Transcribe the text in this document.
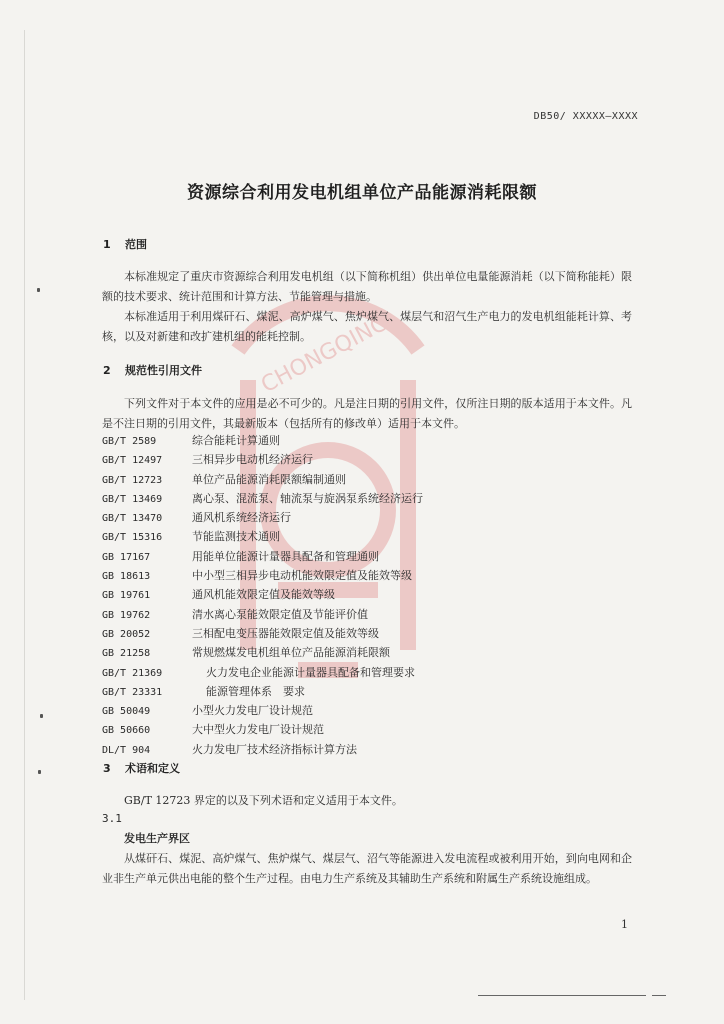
CHONGQING
DB50/ XXXXX—XXXX
资源综合利用发电机组单位产品能源消耗限额
1 范围
本标准规定了重庆市资源综合利用发电机组（以下简称机组）供出单位电量能源消耗（以下简称能耗）限额的技术要求、统计范围和计算方法、节能管理与措施。
本标准适用于利用煤矸石、煤泥、高炉煤气、焦炉煤气、煤层气和沼气生产电力的发电机组能耗计算、考核，以及对新建和改扩建机组的能耗控制。
2 规范性引用文件
下列文件对于本文件的应用是必不可少的。凡是注日期的引用文件，仅所注日期的版本适用于本文件。凡是不注日期的引用文件，其最新版本（包括所有的修改单）适用于本文件。
GB/T 2589	综合能耗计算通则
GB/T 12497	三相异步电动机经济运行
GB/T 12723	单位产品能源消耗限额编制通则
GB/T 13469	离心泵、混流泵、轴流泵与旋涡泵系统经济运行
GB/T 13470	通风机系统经济运行
GB/T 15316	节能监测技术通则
GB 17167	用能单位能源计量器具配备和管理通则
GB 18613	中小型三相异步电动机能效限定值及能效等级
GB 19761	通风机能效限定值及能效等级
GB 19762	清水离心泵能效限定值及节能评价值
GB 20052	三相配电变压器能效限定值及能效等级
GB 21258	常规燃煤发电机组单位产品能源消耗限额
GB/T 21369	火力发电企业能源计量器具配备和管理要求
GB/T 23331	能源管理体系　要求
GB 50049	小型火力发电厂设计规范
GB 50660	大中型火力发电厂设计规范
DL/T 904	火力发电厂技术经济指标计算方法
3 术语和定义
GB/T 12723 界定的以及下列术语和定义适用于本文件。
3.1
发电生产界区
从煤矸石、煤泥、高炉煤气、焦炉煤气、煤层气、沼气等能源进入发电流程或被利用开始，到向电网和企业非生产单元供出电能的整个生产过程。由电力生产系统及其辅助生产系统和附属生产系统设施组成。
1
